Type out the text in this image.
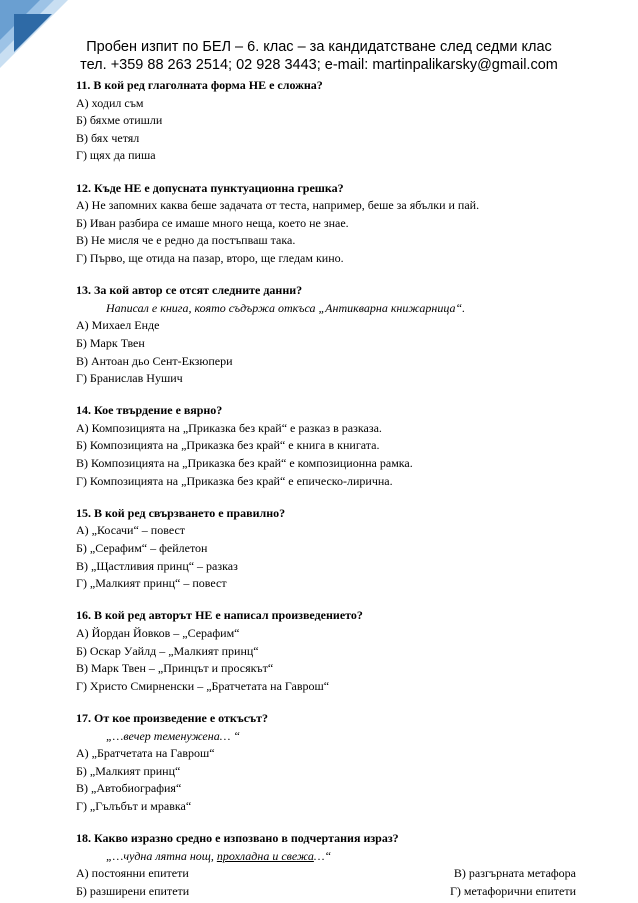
4
Пробен изпит по БЕЛ – 6. клас – за кандидатстване след седми клас
тел. +359 88 263 2514; 02 928 3443; e-mail: martinpalikarsky@gmail.com
11. В кой ред глаголната форма НЕ е сложна?
А) ходил съм
Б) бяхме отишли
В) бях четял
Г) щях да пиша
12. Къде НЕ е допусната пунктуационна грешка?
А) Не запомних каква беше задачата от теста, например, беше за ябълки и пай.
Б) Иван разбира се имаше много неща, което не знае.
В) Не мисля че е редно да постъпваш така.
Г) Първо, ще отида на пазар, второ, ще гледам кино.
13. За кой автор се отсят следните данни?
Написал е книга, която съдържа откъса „Антикварна книжарница“.
А) Михаел Енде
Б) Марк Твен
В) Антоан дьо Сент-Екзюпери
Г) Бранислав Нушич
14. Кое твърдение е вярно?
А) Композицията на „Приказка без край“ е разказ в разказа.
Б) Композицията на „Приказка без край“ е книга в книгата.
В) Композицията на „Приказка без край“ е композиционна рамка.
Г) Композицията на „Приказка без край“ е епическо-лирична.
15. В кой ред свързването е правилно?
А) „Косачи“ – повест
Б) „Серафим“ – фейлетон
В) „Щастливия принц“ – разказ
Г) „Малкият принц“ – повест
16. В кой ред авторът НЕ е написал произведението?
А) Йордан Йовков – „Серафим“
Б) Оскар Уайлд – „Малкият принц“
В) Марк Твен – „Принцът и просякът“
Г) Христо Смирненски – „Братчетата на Гаврош“
17. От кое произведение е откъсът?
„…вечер теменужена… “
А) „Братчетата на Гаврош“
Б) „Малкият принц“
В) „Автобиография“
Г) „Гълъбът и мравка“
18. Какво изразно средно е изпозвано в подчертания израз?
„…чудна лятна нощ, прохладна и свежа…“
А) постоянни епитети	В) разгърната метафора
Б) разширени епитети	Г) метафорични епитети
